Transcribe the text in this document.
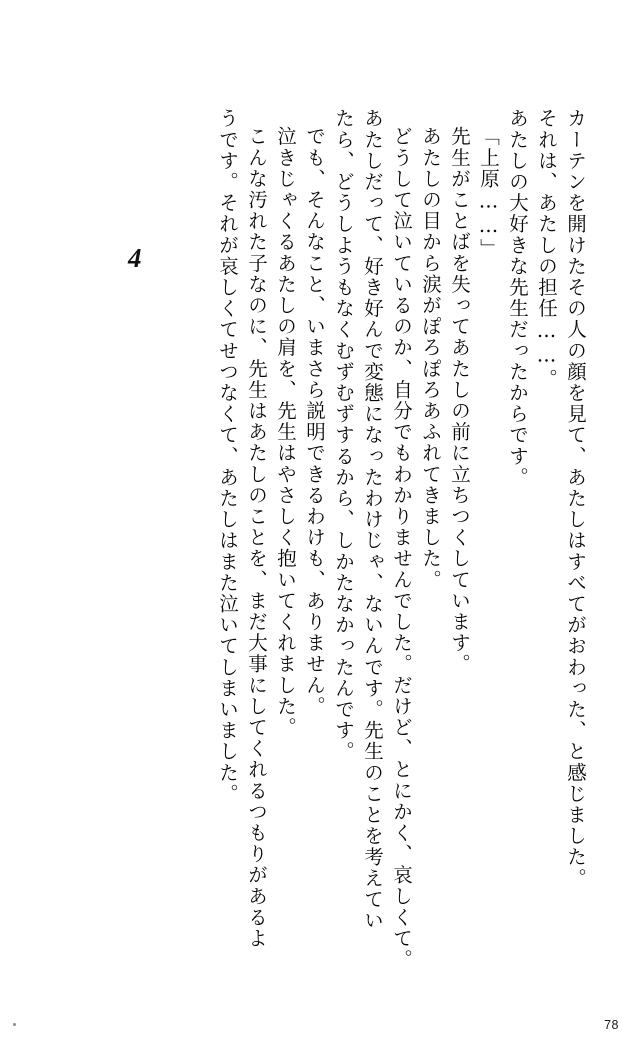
カーテンを開けたその人の顔を見て、あたしはすべてがおわった、と感じました。
それは、あたしの担任……。
あたしの大好きな先生だったからです。
「上原……」
先生がことばを失ってあたしの前に立ちつくしています。
あたしの目から涙がぽろぽろあふれてきました。
どうして泣いているのか、自分でもわかりませんでした。だけど、とにかく、哀しくて。
あたしだって、好き好んで変態になったわけじゃ、ないんです。先生のことを考えてい
たら、どうしようもなくむずむずするから、しかたなかったんです。
でも、そんなこと、いまさら説明できるわけも、ありません。
泣きじゃくるあたしの肩を、先生はやさしく抱いてくれました。
こんな汚れた子なのに、先生はあたしのことを、まだ大事にしてくれるつもりがあるよ
うです。それが哀しくてせつなくて、あたしはまた泣いてしまいました。
4
78
